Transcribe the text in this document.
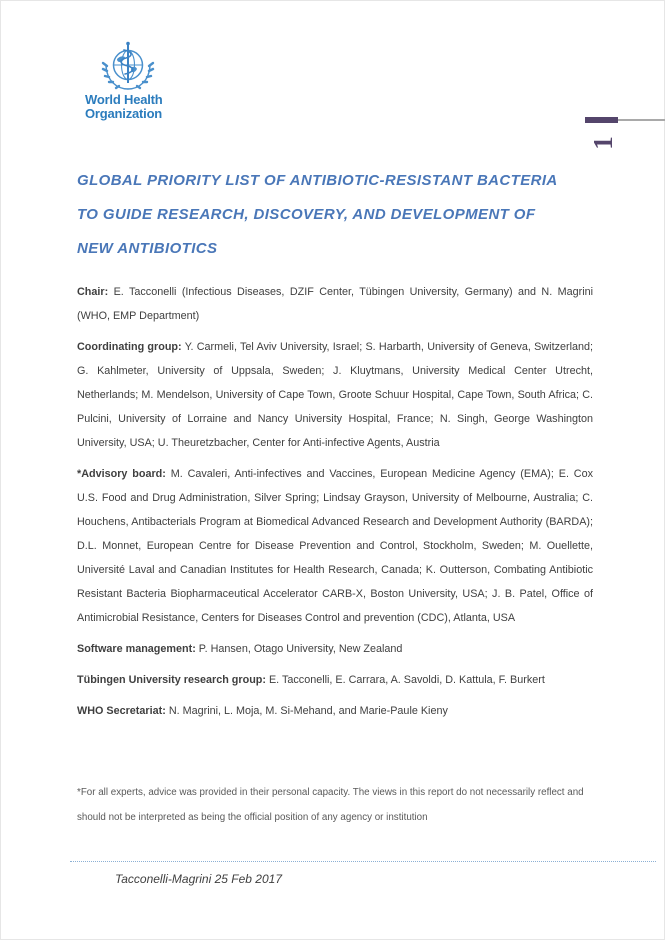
World Health
Organization
1
GLOBAL PRIORITY LIST OF ANTIBIOTIC-RESISTANT BACTERIA
TO GUIDE RESEARCH, DISCOVERY, AND DEVELOPMENT OF
NEW ANTIBIOTICS

Chair: E. Tacconelli (Infectious Diseases, DZIF Center, Tübingen University, Germany) and N. Magrini (WHO, EMP Department)

Coordinating group: Y. Carmeli, Tel Aviv University, Israel; S. Harbarth, University of Geneva, Switzerland; G. Kahlmeter, University of Uppsala, Sweden; J. Kluytmans, University Medical Center Utrecht, Netherlands; M. Mendelson, University of Cape Town, Groote Schuur Hospital, Cape Town, South Africa; C. Pulcini, University of Lorraine and Nancy University Hospital, France; N. Singh, George Washington University, USA; U. Theuretzbacher, Center for Anti-infective Agents, Austria

*Advisory board: M. Cavaleri, Anti-infectives and Vaccines, European Medicine Agency (EMA); E. Cox U.S. Food and Drug Administration, Silver Spring; Lindsay Grayson, University of Melbourne, Australia; C. Houchens, Antibacterials Program at Biomedical Advanced Research and Development Authority (BARDA); D.L. Monnet, European Centre for Disease Prevention and Control, Stockholm, Sweden; M. Ouellette, Université Laval and Canadian Institutes for Health Research, Canada; K. Outterson, Combating Antibiotic Resistant Bacteria Biopharmaceutical Accelerator CARB-X, Boston University, USA; J. B. Patel, Office of Antimicrobial Resistance, Centers for Diseases Control and prevention (CDC), Atlanta, USA

Software management: P. Hansen, Otago University, New Zealand

Tübingen University research group: E. Tacconelli, E. Carrara, A. Savoldi, D. Kattula, F. Burkert

WHO Secretariat: N. Magrini, L. Moja, M. Si-Mehand, and Marie-Paule Kieny

*For all experts, advice was provided in their personal capacity. The views in this report do not necessarily reflect and should not be interpreted as being the official position of any agency or institution
Tacconelli-Magrini 25 Feb 2017
